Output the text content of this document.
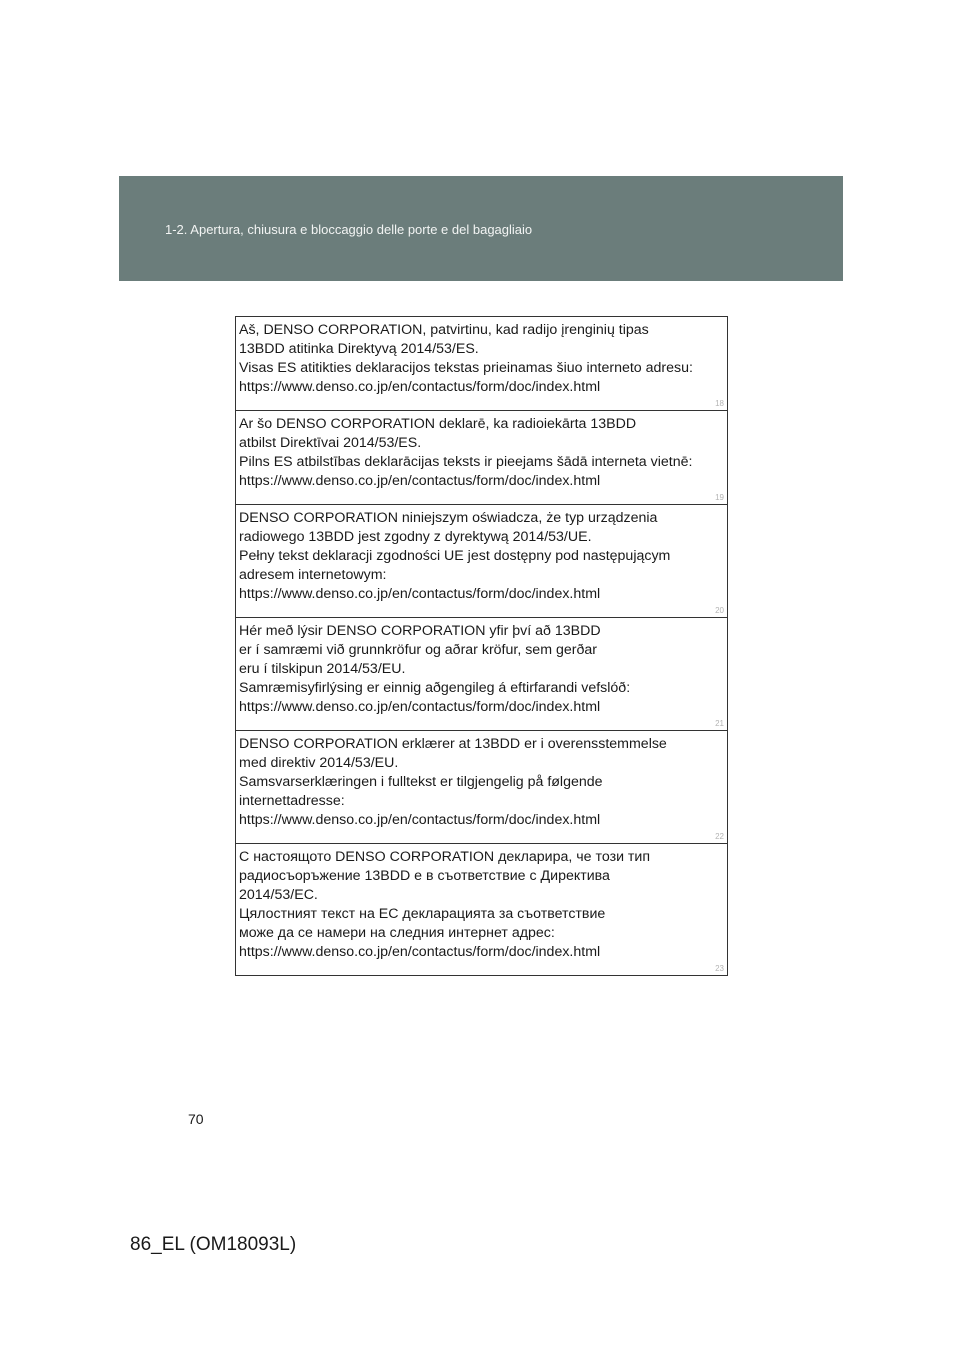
1-2. Apertura, chiusura e bloccaggio delle porte e del bagagliaio
Aš, DENSO CORPORATION, patvirtinu, kad radijo įrenginių tipas
13BDD atitinka Direktyvą 2014/53/ES.
Visas ES atitikties deklaracijos tekstas prieinamas šiuo interneto adresu:
https://www.denso.co.jp/en/contactus/form/doc/index.html
18
Ar šo DENSO CORPORATION deklarē, ka radioiekārta 13BDD
atbilst Direktīvai 2014/53/ES.
Pilns ES atbilstības deklarācijas teksts ir pieejams šādā interneta vietnē:
https://www.denso.co.jp/en/contactus/form/doc/index.html
19
DENSO CORPORATION niniejszym oświadcza, że typ urządzenia
radiowego 13BDD jest zgodny z dyrektywą 2014/53/UE.
Pełny tekst deklaracji zgodności UE jest dostępny pod następującym
adresem internetowym:
https://www.denso.co.jp/en/contactus/form/doc/index.html
20
Hér með lýsir DENSO CORPORATION yfir því að 13BDD
er í samræmi við grunnkröfur og aðrar kröfur, sem gerðar
eru í tilskipun 2014/53/EU.
Samræmisyfirlýsing er einnig aðgengileg á eftirfarandi vefslóð:
https://www.denso.co.jp/en/contactus/form/doc/index.html
21
DENSO CORPORATION erklærer at 13BDD er i overensstemmelse
med direktiv 2014/53/EU.
Samsvarserklæringen i fulltekst er tilgjengelig på følgende
internettadresse:
https://www.denso.co.jp/en/contactus/form/doc/index.html
22
С настоящото DENSO CORPORATION декларира, че този тип
радиосъоръжение 13BDD е в съответствие с Директива
2014/53/ЕС.
Цялостният текст на ЕС декларацията за съответствие
може да се намери на следния интернет адрес:
https://www.denso.co.jp/en/contactus/form/doc/index.html
23
70
86_EL (OM18093L)
